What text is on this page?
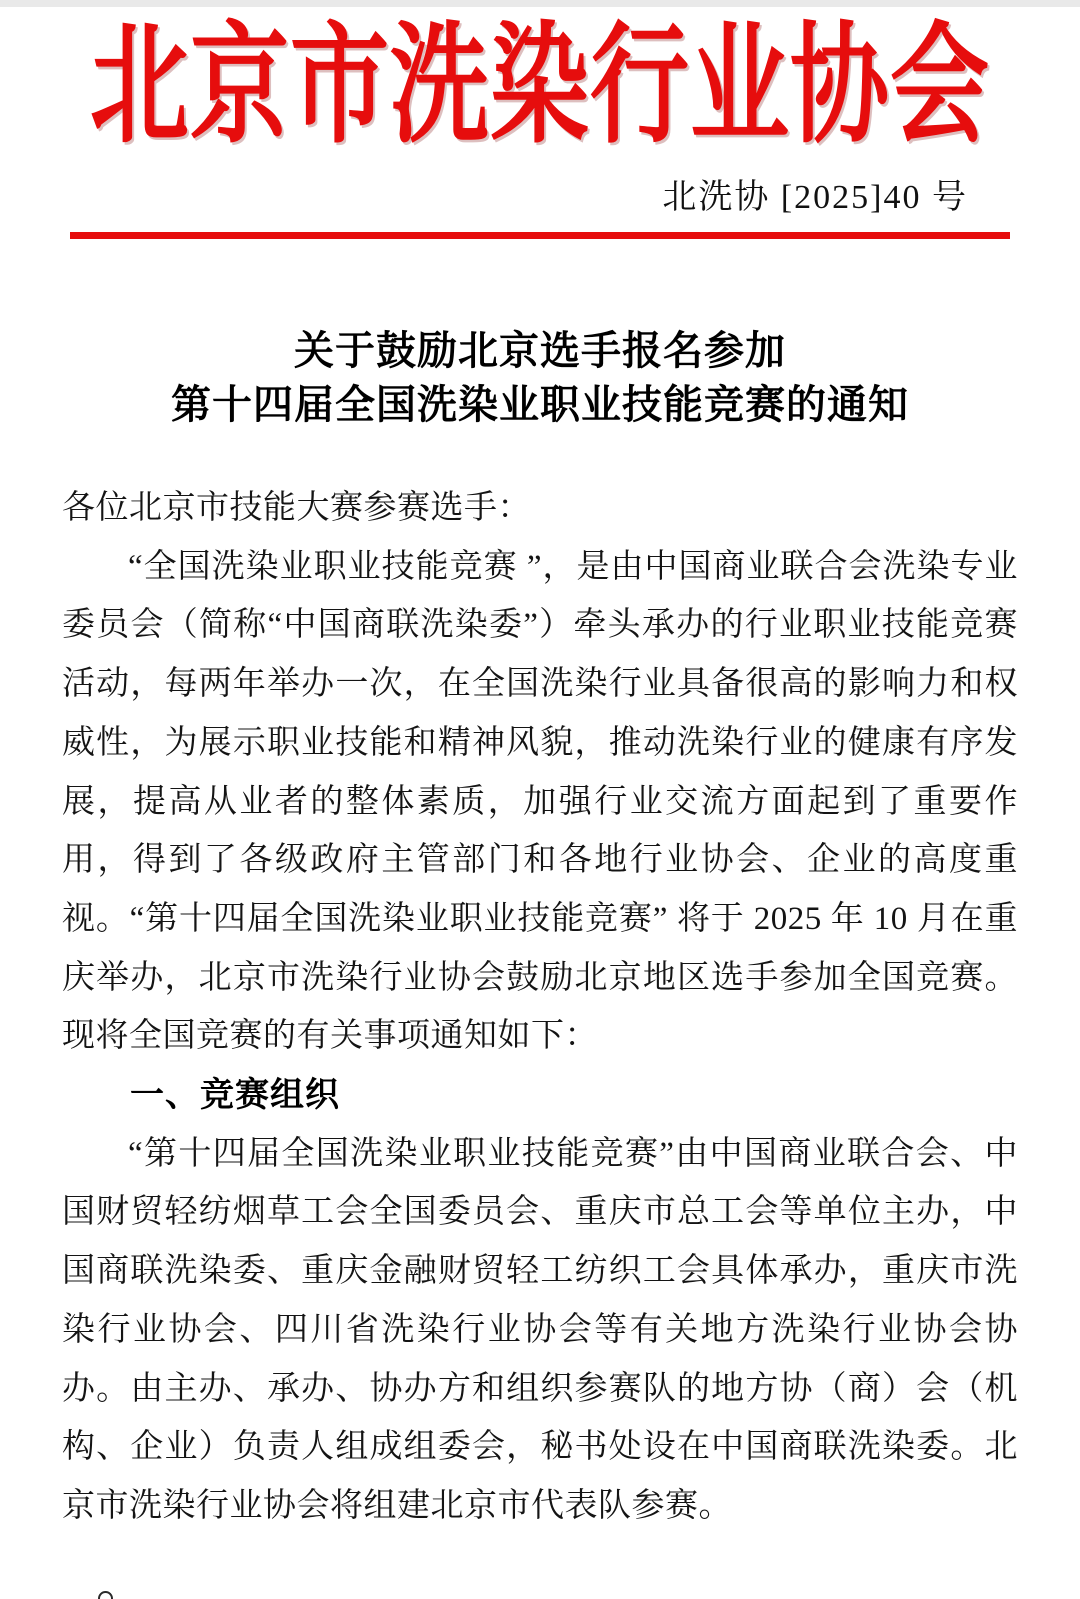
北京市洗染行业协会
北洗协 [2025]40 号
关于鼓励北京选手报名参加
第十四届全国洗染业职业技能竞赛的通知

各位北京市技能大赛参赛选手：

“全国洗染业职业技能竞赛 ”，是由中国商业联合会洗染专业委员会（简称“中国商联洗染委”）牵头承办的行业职业技能竞赛活动，每两年举办一次，在全国洗染行业具备很高的影响力和权威性，为展示职业技能和精神风貌，推动洗染行业的健康有序发展，提高从业者的整体素质，加强行业交流方面起到了重要作用，得到了各级政府主管部门和各地行业协会、企业的高度重视。“第十四届全国洗染业职业技能竞赛” 将于 2025 年 10 月在重庆举办，北京市洗染行业协会鼓励北京地区选手参加全国竞赛。现将全国竞赛的有关事项通知如下：

一、竞赛组织

“第十四届全国洗染业职业技能竞赛”由中国商业联合会、中国财贸轻纺烟草工会全国委员会、重庆市总工会等单位主办，中国商联洗染委、重庆金融财贸轻工纺织工会具体承办，重庆市洗染行业协会、四川省洗染行业协会等有关地方洗染行业协会协办。由主办、承办、协办方和组织参赛队的地方协（商）会（机构、企业）负责人组成组委会，秘书处设在中国商联洗染委。北京市洗染行业协会将组建北京市代表队参赛。
